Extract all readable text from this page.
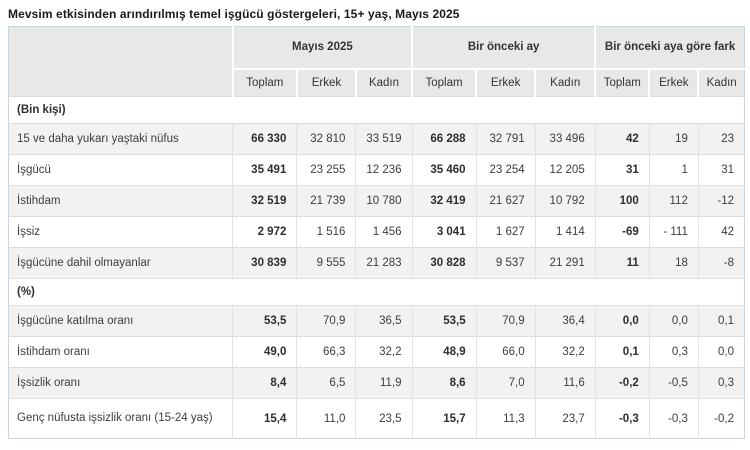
Mevsim etkisinden arındırılmış temel işgücü göstergeleri, 15+ yaş, Mayıs 2025
	Mayıs 2025			Bir önceki ay			Bir önceki aya göre fark		
	Toplam	Erkek	Kadın	Toplam	Erkek	Kadın	Toplam	Erkek	Kadın
(Bin kişi)									
15 ve daha yukarı yaştaki nüfus	66 330	32 810	33 519	66 288	32 791	33 496	42	19	23
İşgücü	35 491	23 255	12 236	35 460	23 254	12 205	31	1	31
İstihdam	32 519	21 739	10 780	32 419	21 627	10 792	100	112	-12
İşsiz	2 972	1 516	1 456	3 041	1 627	1 414	-69	- 111	42
İşgücüne dahil olmayanlar	30 839	9 555	21 283	30 828	9 537	21 291	11	18	-8
(%)									
İşgücüne katılma oranı	53,5	70,9	36,5	53,5	70,9	36,4	0,0	0,0	0,1
İstihdam oranı	49,0	66,3	32,2	48,9	66,0	32,2	0,1	0,3	0,0
İşsizlik oranı	8,4	6,5	11,9	8,6	7,0	11,6	-0,2	-0,5	0,3
Genç nüfusta işsizlik oranı (15-24 yaş)	15,4	11,0	23,5	15,7	11,3	23,7	-0,3	-0,3	-0,2
